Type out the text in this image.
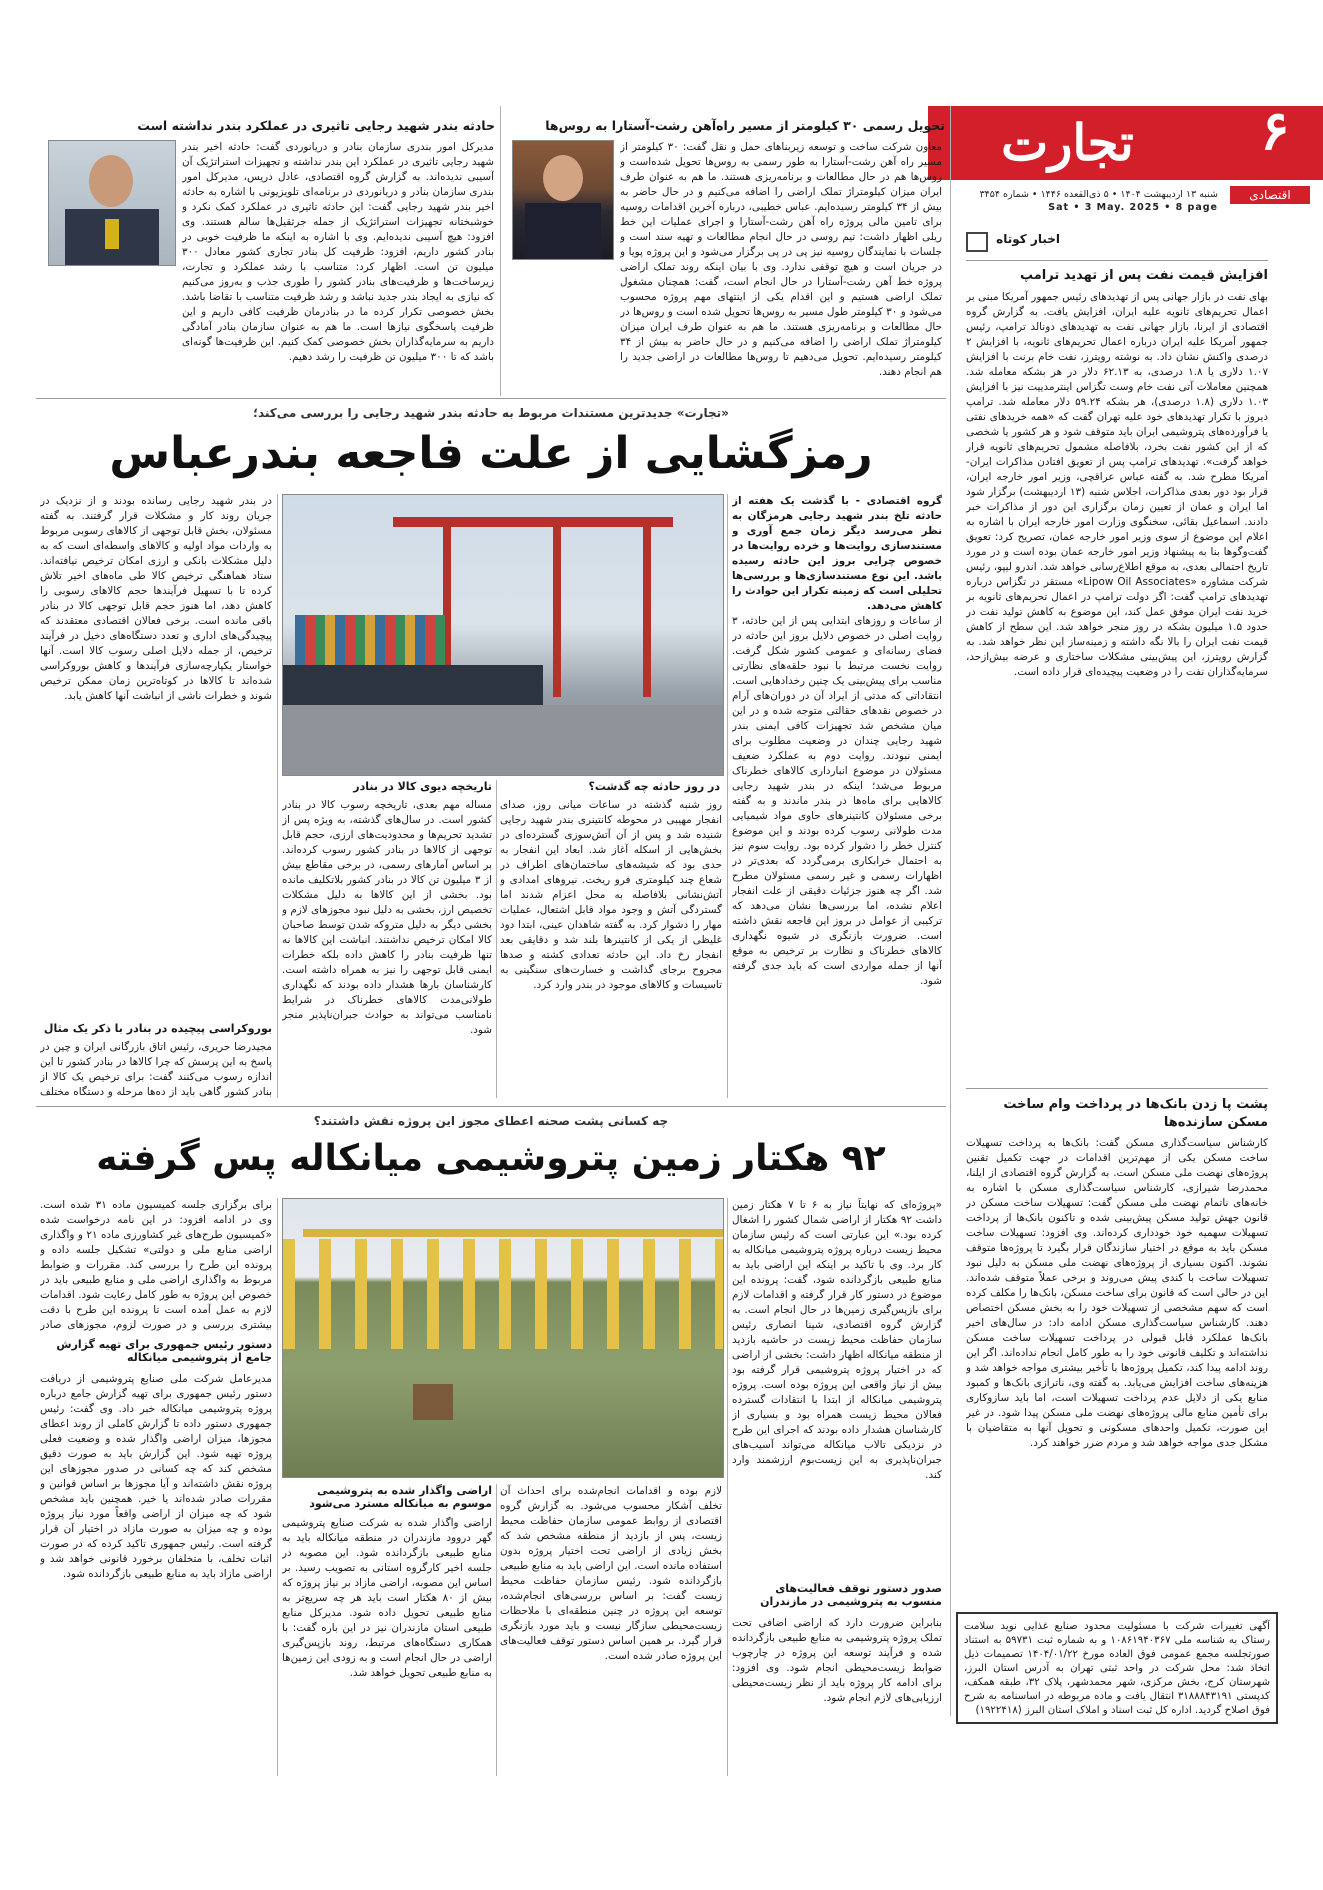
۶
تجارت
اقتصادی
شنبه ۱۳ اردیبهشت ۱۴۰۴ • ۵ ذی‌القعده ۱۴۴۶ • شماره ۳۴۵۴
Sat • 3 May. 2025 • 8 page
اخبار کوتاه
افزایش قیمت نفت پس از تهدید ترامپ
بهای نفت در بازار جهانی پس از تهدیدهای رئیس جمهور آمریکا مبنی بر اعمال تحریم‌های ثانویه علیه ایران، افزایش یافت. به گزارش گروه اقتصادی از ایرنا، بازار جهانی نفت به تهدیدهای دونالد ترامپ، رئیس جمهور آمریکا علیه ایران درباره اعمال تحریم‌های ثانویه، با افزایش ۲ درصدی واکنش نشان داد. به نوشته رویترز، نفت خام برنت با افزایش ۱.۰۷ دلاری یا ۱.۸ درصدی، به ۶۲.۱۳ دلار در هر بشکه معامله شد. همچنین معاملات آتی نفت خام وست تگزاس اینترمدییت نیز با افزایش ۱.۰۳ دلاری (۱.۸ درصدی)، هر بشکه ۵۹.۲۴ دلار معامله شد. ترامپ دیروز با تکرار تهدیدهای خود علیه تهران گفت که «همه خریدهای نفتی یا فرآورده‌های پتروشیمی ایران باید متوقف شود و هر کشور یا شخصی که از این کشور نفت بخرد، بلافاصله مشمول تحریم‌های ثانویه قرار خواهد گرفت». تهدیدهای ترامپ پس از تعویق افتادن مذاکرات ایران-آمریکا مطرح شد. به گفته عباس عراقچی، وزیر امور خارجه ایران، قرار بود دور بعدی مذاکرات، اجلاس شنبه (۱۳ اردیبهشت) برگزار شود اما ایران و عمان از تعیین زمان برگزاری این دور از مذاکرات خبر دادند. اسماعیل بقائی، سخنگوی وزارت امور خارجه ایران با اشاره به اعلام این موضوع از سوی وزیر امور خارجه عمان، تصریح کرد: تعویق گفت‌وگوها بنا به پیشنهاد وزیر امور خارجه عمان بوده است و در مورد تاریخ احتمالی بعدی، به موقع اطلاع‌رسانی خواهد شد. اندرو لیپو، رئیس شرکت مشاوره «Lipow Oil Associates» مستقر در تگزاس درباره تهدیدهای ترامپ گفت: اگر دولت ترامپ در اعمال تحریم‌های ثانویه بر خرید نفت ایران موفق عمل کند، این موضوع به کاهش تولید نفت در حدود ۱.۵ میلیون بشکه در روز منجر خواهد شد. این سطح از کاهش قیمت نفت ایران را بالا نگه داشته و زمینه‌ساز این نظر خواهد شد. به گزارش رویترز، این پیش‌بینی مشکلات ساختاری و عرضه بیش‌ازحد، سرمایه‌گذاران نفت را در وضعیت پیچیده‌ای قرار داده است.
پشت پا زدن بانک‌ها در پرداخت وام ساخت مسکن سازنده‌ها
کارشناس سیاست‌گذاری مسکن گفت: بانک‌ها به پرداخت تسهیلات ساخت مسکن یکی از مهم‌ترین اقدامات در جهت تکمیل تقنین پروژه‌های نهضت ملی مسکن است. به گزارش گروه اقتصادی از ایلنا، محمدرضا شیرازی، کارشناس سیاست‌گذاری مسکن با اشاره به خانه‌های ناتمام نهضت ملی مسکن گفت: تسهیلات ساخت مسکن در قانون جهش تولید مسکن پیش‌بینی شده و تاکنون بانک‌ها از پرداخت تسهیلات سهمیه خود خودداری کرده‌اند. وی افزود: تسهیلات ساخت مسکن باید به موقع در اختیار سازندگان قرار بگیرد تا پروژه‌ها متوقف نشوند. اکنون بسیاری از پروژه‌های نهضت ملی مسکن به دلیل نبود تسهیلات ساخت با کندی پیش می‌روند و برخی عملاً متوقف شده‌اند. این در حالی است که قانون برای ساخت مسکن، بانک‌ها را مکلف کرده است که سهم مشخصی از تسهیلات خود را به بخش مسکن اختصاص دهند. کارشناس سیاست‌گذاری مسکن ادامه داد: در سال‌های اخیر بانک‌ها عملکرد قابل قبولی در پرداخت تسهیلات ساخت مسکن نداشته‌اند و تکلیف قانونی خود را به طور کامل انجام نداده‌اند. اگر این روند ادامه پیدا کند، تکمیل پروژه‌ها با تأخیر بیشتری مواجه خواهد شد و هزینه‌های ساخت افزایش می‌یابد. به گفته وی، ناترازی بانک‌ها و کمبود منابع یکی از دلایل عدم پرداخت تسهیلات است، اما باید سازوکاری برای تأمین منابع مالی پروژه‌های نهضت ملی مسکن پیدا شود. در غیر این صورت، تکمیل واحدهای مسکونی و تحویل آنها به متقاضیان با مشکل جدی مواجه خواهد شد و مردم ضرر خواهند کرد.
آگهی تغییرات شرکت با مسئولیت محدود صنایع غذایی نوید سلامت رستاک به شناسه ملی ۱۰۸۶۱۹۴۰۳۶۷ و به شماره ثبت ۵۹۷۳۱ به استناد صورتجلسه مجمع عمومی فوق العاده مورخ ۱۴۰۴/۰۱/۲۲ تصمیمات ذیل اتخاذ شد: محل شرکت در واحد ثبتی تهران به آدرس استان البرز، شهرستان کرج، بخش مرکزی، شهر محمدشهر، پلاک ۳۲، طبقه همکف، کدپستی ۳۱۸۸۸۴۳۱۹۱ انتقال یافت و ماده مربوطه در اساسنامه به شرح فوق اصلاح گردید. اداره کل ثبت اسناد و املاک استان البرز (۱۹۲۲۴۱۸)
تحویل رسمی ۳۰ کیلومتر از مسیر راه‌آهن رشت-آستارا به روس‌ها
معاون شرکت ساخت و توسعه زیربناهای حمل و نقل گفت: ۳۰ کیلومتر از مسیر راه آهن رشت-آستارا به طور رسمی به روس‌ها تحویل شده‌است و روس‌ها هم در حال مطالعات و برنامه‌ریزی هستند. ما هم به عنوان طرف ایران میزان کیلومتراژ تملک اراضی را اضافه می‌کنیم و در حال حاضر به بیش از ۳۴ کیلومتر رسیده‌ایم. عباس خطیبی، درباره آخرین اقدامات روسیه برای تامین مالی پروژه راه آهن رشت-آستارا و اجرای عملیات این خط ریلی اظهار داشت: تیم روسی در حال انجام مطالعات و تهیه سند است و جلسات با نمایندگان روسیه نیز پی در پی برگزار می‌شود و این پروژه پویا و در جریان است و هیچ توقفی ندارد. وی با بیان اینکه روند تملک اراضی پروژه خط آهن رشت-آستارا در حال انجام است، گفت: همچنان مشغول تملک اراضی هستیم و این اقدام یکی از اینتهای مهم پروژه محسوب می‌شود و ۳۰ کیلومتر طول مسیر به روس‌ها تحویل شده است و روس‌ها در حال مطالعات و برنامه‌ریزی هستند. ما هم به عنوان طرف ایران میزان کیلومتراژ تملک اراضی را اضافه می‌کنیم و در حال حاضر به بیش از ۳۴ کیلومتر رسیده‌ایم. تحویل می‌دهیم تا روس‌ها مطالعات در اراضی جدید را هم انجام دهند.
حادثه بندر شهید رجایی تاثیری در عملکرد بندر نداشته است
مدیرکل امور بندری سازمان بنادر و دریانوردی گفت: حادثه اخیر بندر شهید رجایی تاثیری در عملکرد این بندر نداشته و تجهیزات استراتژیک آن آسیبی ندیده‌اند. به گزارش گروه اقتصادی، عادل دریس، مدیرکل امور بندری سازمان بنادر و دریانوردی در برنامه‌ای تلویزیونی با اشاره به حادثه اخیر بندر شهید رجایی گفت: این حادثه تاثیری در عملکرد کمک نکرد و خوشبختانه تجهیزات استراتژیک از جمله جرثقیل‌ها سالم هستند. وی افزود: هیچ آسیبی ندیده‌ایم. وی با اشاره به اینکه ما ظرفیت خوبی در بنادر کشور داریم، افزود: ظرفیت کل بنادر تجاری کشور معادل ۳۰۰ میلیون تن است. اظهار کرد: متناسب با رشد عملکرد و تجارت، زیرساخت‌ها و ظرفیت‌های بنادر کشور را طوری جذب و به‌روز می‌کنیم که نیازی به ایجاد بندر جدید نباشد و رشد ظرفیت متناسب با تقاضا باشد. بخش خصوصی تکرار کرده ما در بنادرمان ظرفیت کافی داریم و این ظرفیت پاسخگوی نیازها است. ما هم به عنوان سازمان بنادر آمادگی داریم به سرمایه‌گذاران بخش خصوصی کمک کنیم. این ظرفیت‌ها گونه‌ای باشد که تا ۳۰۰ میلیون تن ظرفیت را رشد دهیم.
«تجارت» جدیدترین مستندات مربوط به حادثه بندر شهید رجایی را بررسی می‌کند؛
رمزگشایی از علت فاجعه بندرعباس
گروه اقتصادی - با گذشت یک هفته از حادثه تلخ بندر شهید رجایی هرمزگان به نظر می‌رسد دیگر زمان جمع آوری و مستندسازی روایت‌ها و خرده روایت‌ها در خصوص چرایی بروز این حادثه رسیده باشد. این نوع مستندسازی‌ها و بررسی‌ها تحلیلی است که زمینه تکرار این حوادث را کاهش می‌دهد.
از ساعات و روزهای ابتدایی پس از این حادثه، ۳ روایت اصلی در خصوص دلایل بروز این حادثه در فضای رسانه‌ای و عمومی کشور شکل گرفت. روایت نخست مرتبط با نبود حلقه‌های نظارتی مناسب برای پیش‌بینی یک چنین رخدادهایی است. انتقاداتی که مدتی از ایراد آن در دوران‌های آرام در خصوص نقدهای حقالتی متوجه شده و در این میان مشخص شد تجهیزات کافی ایمنی بندر شهید رجایی چندان در وضعیت مطلوب برای ایمنی نبودند. روایت دوم به عملکرد ضعیف مسئولان در موضوع انبارداری کالاهای خطرناک مربوط می‌شد؛ اینکه در بندر شهید رجایی کالاهایی برای ماه‌ها در بندر ماندند و به گفته برخی مسئولان کانتینرهای حاوی مواد شیمیایی مدت طولانی رسوب کرده بودند و این موضوع کنترل خطر را دشوار کرده بود. روایت سوم نیز به احتمال خرابکاری برمی‌گردد که بعدی‌تر در اظهارات رسمی و غیر رسمی مسئولان مطرح شد. اگر چه هنوز جزئیات دقیقی از علت انفجار اعلام نشده، اما بررسی‌ها نشان می‌دهد که ترکیبی از عوامل در بروز این فاجعه نقش داشته است. ضرورت بازنگری در شیوه نگهداری کالاهای خطرناک و نظارت بر ترخیص به موقع آنها از جمله مواردی است که باید جدی گرفته شود.
در روز حادثه چه گذشت؟
روز شنبه گذشته در ساعات میانی روز، صدای انفجار مهیبی در محوطه کانتینری بندر شهید رجایی شنیده شد و پس از آن آتش‌سوزی گسترده‌ای در بخش‌هایی از اسکله آغاز شد. ابعاد این انفجار به حدی بود که شیشه‌های ساختمان‌های اطراف در شعاع چند کیلومتری فرو ریخت. نیروهای امدادی و آتش‌نشانی بلافاصله به محل اعزام شدند اما گستردگی آتش و وجود مواد قابل اشتعال، عملیات مهار را دشوار کرد. به گفته شاهدان عینی، ابتدا دود غلیظی از یکی از کانتینرها بلند شد و دقایقی بعد انفجار رخ داد. این حادثه تعدادی کشته و صدها مجروح برجای گذاشت و خسارت‌های سنگینی به تاسیسات و کالاهای موجود در بندر وارد کرد.
تاریخچه دیوی کالا در بنادر
مساله مهم بعدی، تاریخچه رسوب کالا در بنادر کشور است. در سال‌های گذشته، به ویژه پس از تشدید تحریم‌ها و محدودیت‌های ارزی، حجم قابل توجهی از کالاها در بنادر کشور رسوب کرده‌اند. بر اساس آمارهای رسمی، در برخی مقاطع بیش از ۳ میلیون تن کالا در بنادر کشور بلاتکلیف مانده بود. بخشی از این کالاها به دلیل مشکلات تخصیص ارز، بخشی به دلیل نبود مجوزهای لازم و بخشی دیگر به دلیل متروکه شدن توسط صاحبان کالا امکان ترخیص نداشتند. انباشت این کالاها نه تنها ظرفیت بنادر را کاهش داده بلکه خطرات ایمنی قابل توجهی را نیز به همراه داشته است. کارشناسان بارها هشدار داده بودند که نگهداری طولانی‌مدت کالاهای خطرناک در شرایط نامناسب می‌تواند به حوادث جبران‌ناپذیر منجر شود.
در بندر شهید رجایی رسانده بودند و از نزدیک در جریان روند کار و مشکلات قرار گرفتند. به گفته مسئولان، بخش قابل توجهی از کالاهای رسوبی مربوط به واردات مواد اولیه و کالاهای واسطه‌ای است که به دلیل مشکلات بانکی و ارزی امکان ترخیص نیافته‌اند. ستاد هماهنگی ترخیص کالا طی ماه‌های اخیر تلاش کرده تا با تسهیل فرآیندها حجم کالاهای رسوبی را کاهش دهد، اما هنوز حجم قابل توجهی کالا در بنادر باقی مانده است. برخی فعالان اقتصادی معتقدند که پیچیدگی‌های اداری و تعدد دستگاه‌های دخیل در فرآیند ترخیص، از جمله دلایل اصلی رسوب کالا است. آنها خواستار یکپارچه‌سازی فرآیندها و کاهش بوروکراسی شده‌اند تا کالاها در کوتاه‌ترین زمان ممکن ترخیص شوند و خطرات ناشی از انباشت آنها کاهش یابد.
بوروکراسی پیچیده در بنادر با ذکر یک مثال
مجیدرضا حریری، رئیس اتاق بازرگانی ایران و چین در پاسخ به این پرسش که چرا کالاها در بنادر کشور تا این اندازه رسوب می‌کنند گفت: برای ترخیص یک کالا از بنادر کشور گاهی باید از ده‌ها مرحله و دستگاه مختلف
چه کسانی پشت صحنه اعطای مجوز این پروژه نقش داشتند؟
۹۲ هکتار زمین پتروشیمی میانکاله پس گرفته
«پروژه‌ای که نهایتاً نیاز به ۶ تا ۷ هکتار زمین داشت ۹۲ هکتار از اراضی شمال کشور را اشغال کرده بود.» این عبارتی است که رئیس سازمان محیط زیست درباره پروژه پتروشیمی میانکاله به کار برد. وی با تاکید بر اینکه این اراضی باید به منابع طبیعی بازگردانده شود، گفت: پرونده این موضوع در دستور کار قرار گرفته و اقدامات لازم برای بازپس‌گیری زمین‌ها در حال انجام است. به گزارش گروه اقتصادی، شینا انصاری رئیس سازمان حفاظت محیط زیست در حاشیه بازدید از منطقه میانکاله اظهار داشت: بخشی از اراضی که در اختیار پروژه پتروشیمی قرار گرفته بود بیش از نیاز واقعی این پروژه بوده است. پروژه پتروشیمی میانکاله از ابتدا با انتقادات گسترده فعالان محیط زیست همراه بود و بسیاری از کارشناسان هشدار داده بودند که اجرای این طرح در نزدیکی تالاب میانکاله می‌تواند آسیب‌های جبران‌ناپذیری به این زیست‌بوم ارزشمند وارد کند.
صدور دستور توقف فعالیت‌های منسوب به پتروشیمی در مازندران
بنابراین ضرورت دارد که اراضی اضافی تحت تملک پروژه پتروشیمی به منابع طبیعی بازگردانده شده و فرآیند توسعه این پروژه در چارچوب ضوابط زیست‌محیطی انجام شود. وی افزود: برای ادامه کار پروژه باید از نظر زیست‌محیطی ارزیابی‌های لازم انجام شود.
لازم بوده و اقدامات انجام‌شده برای احداث آن تخلف آشکار محسوب می‌شود. به گزارش گروه اقتصادی از روابط عمومی سازمان حفاظت محیط زیست، پس از بازدید از منطقه مشخص شد که بخش زیادی از اراضی تحت اختیار پروژه بدون استفاده مانده است. این اراضی باید به منابع طبیعی بازگردانده شود. رئیس سازمان حفاظت محیط زیست گفت: بر اساس بررسی‌های انجام‌شده، توسعه این پروژه در چنین منطقه‌ای با ملاحظات زیست‌محیطی سازگار نیست و باید مورد بازنگری قرار گیرد. بر همین اساس دستور توقف فعالیت‌های این پروژه صادر شده است.
اراضی واگذار شده به پتروشیمی موسوم به میانکاله مسترد می‌شود
اراضی واگذار شده به شرکت صنایع پتروشیمی گهر دروود مازندران در منطقه میانکاله باید به منابع طبیعی بازگردانده شود. این مصوبه در جلسه اخیر کارگروه استانی به تصویب رسید. بر اساس این مصوبه، اراضی مازاد بر نیاز پروژه که بیش از ۸۰ هکتار است باید هر چه سریع‌تر به منابع طبیعی تحویل داده شود. مدیرکل منابع طبیعی استان مازندران نیز در این باره گفت: با همکاری دستگاه‌های مرتبط، روند بازپس‌گیری اراضی در حال انجام است و به زودی این زمین‌ها به منابع طبیعی تحویل خواهد شد.
برای برگزاری جلسه کمیسیون ماده ۳۱ شده است. وی در ادامه افزود: در این نامه درخواست شده «کمیسیون طرح‌های غیر کشاورزی ماده ۲۱ و واگذاری اراضی منابع ملی و دولتی» تشکیل جلسه داده و پرونده این طرح را بررسی کند. مقررات و ضوابط مربوط به واگذاری اراضی ملی و منابع طبیعی باید در خصوص این پروژه به طور کامل رعایت شود. اقدامات لازم به عمل آمده است تا پرونده این طرح با دقت بیشتری بررسی و در صورت لزوم، مجوزهای صادر
دستور رئیس جمهوری برای تهیه گزارش جامع از پتروشیمی میانکاله
مدیرعامل شرکت ملی صنایع پتروشیمی از دریافت دستور رئیس جمهوری برای تهیه گزارش جامع درباره پروژه پتروشیمی میانکاله خبر داد. وی گفت: رئیس جمهوری دستور داده تا گزارش کاملی از روند اعطای مجوزها، میزان اراضی واگذار شده و وضعیت فعلی پروژه تهیه شود. این گزارش باید به صورت دقیق مشخص کند که چه کسانی در صدور مجوزهای این پروژه نقش داشته‌اند و آیا مجوزها بر اساس قوانین و مقررات صادر شده‌اند یا خیر. همچنین باید مشخص شود که چه میزان از اراضی واقعاً مورد نیاز پروژه بوده و چه میزان به صورت مازاد در اختیار آن قرار گرفته است. رئیس جمهوری تاکید کرده که در صورت اثبات تخلف، با متخلفان برخورد قانونی خواهد شد و اراضی مازاد باید به منابع طبیعی بازگردانده شود.
